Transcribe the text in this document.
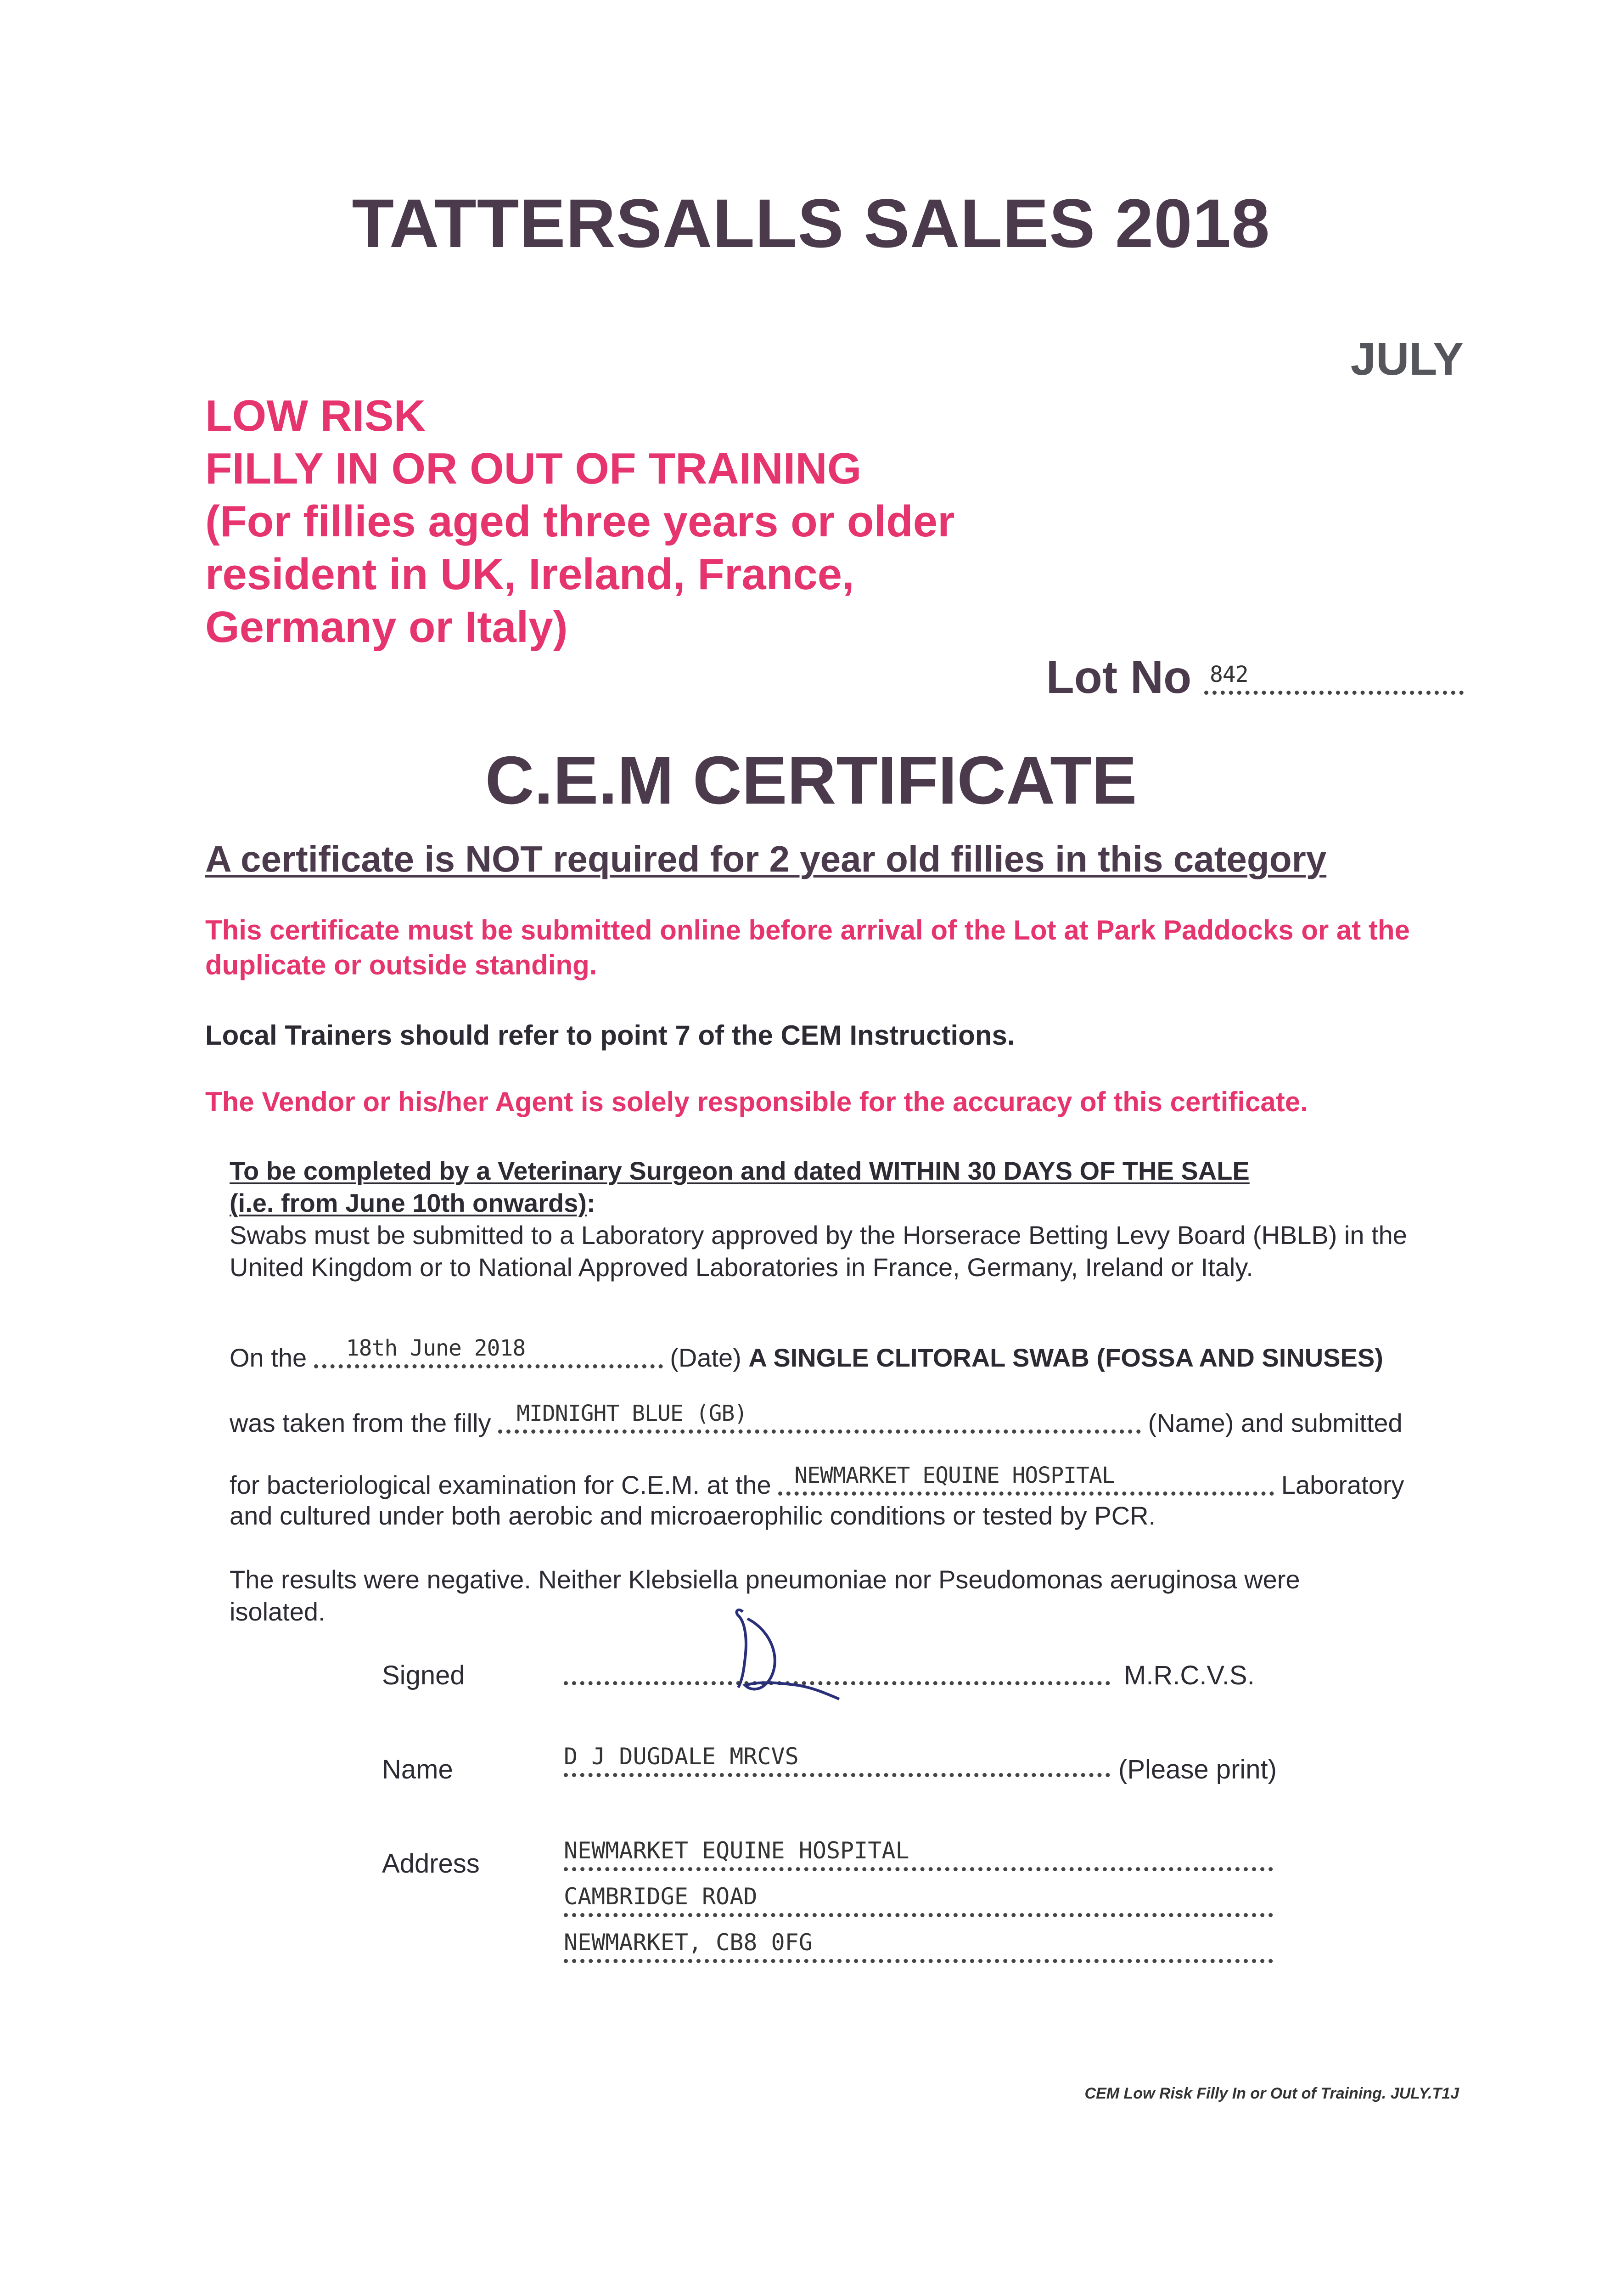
TATTERSALLS SALES 2018
JULY
LOW RISK
FILLY IN OR OUT OF TRAINING
(For fillies aged three years or older
resident in UK, Ireland, France,
Germany or Italy)
Lot No 842
C.E.M CERTIFICATE
A certificate is NOT required for 2 year old fillies in this category
This certificate must be submitted online before arrival of the Lot at Park Paddocks or at the duplicate or outside standing.
Local Trainers should refer to point 7 of the CEM Instructions.
The Vendor or his/her Agent is solely responsible for the accuracy of this certificate.
To be completed by a Veterinary Surgeon and dated WITHIN 30 DAYS OF THE SALE
(i.e. from June 10th onwards):
Swabs must be submitted to a Laboratory approved by the Horserace Betting Levy Board (HBLB) in the United Kingdom or to National Approved Laboratories in France, Germany, Ireland or Italy.
On the 18th June 2018	(Date) A SINGLE CLITORAL SWAB (FOSSA AND SINUSES)
was taken from the filly MIDNIGHT BLUE (GB)	(Name) and submitted
for bacteriological examination for C.E.M. at the NEWMARKET EQUINE HOSPITAL	Laboratory
and cultured under both aerobic and microaerophilic conditions or tested by PCR.
The results were negative. Neither Klebsiella pneumoniae nor Pseudomonas aeruginosa were isolated.
Signed	M.R.C.V.S.
Name	D J DUGDALE MRCVS	(Please print)
Address	NEWMARKET EQUINE HOSPITAL
CAMBRIDGE ROAD
NEWMARKET, CB8 0FG
CEM Low Risk Filly In or Out of Training. JULY.T1J
